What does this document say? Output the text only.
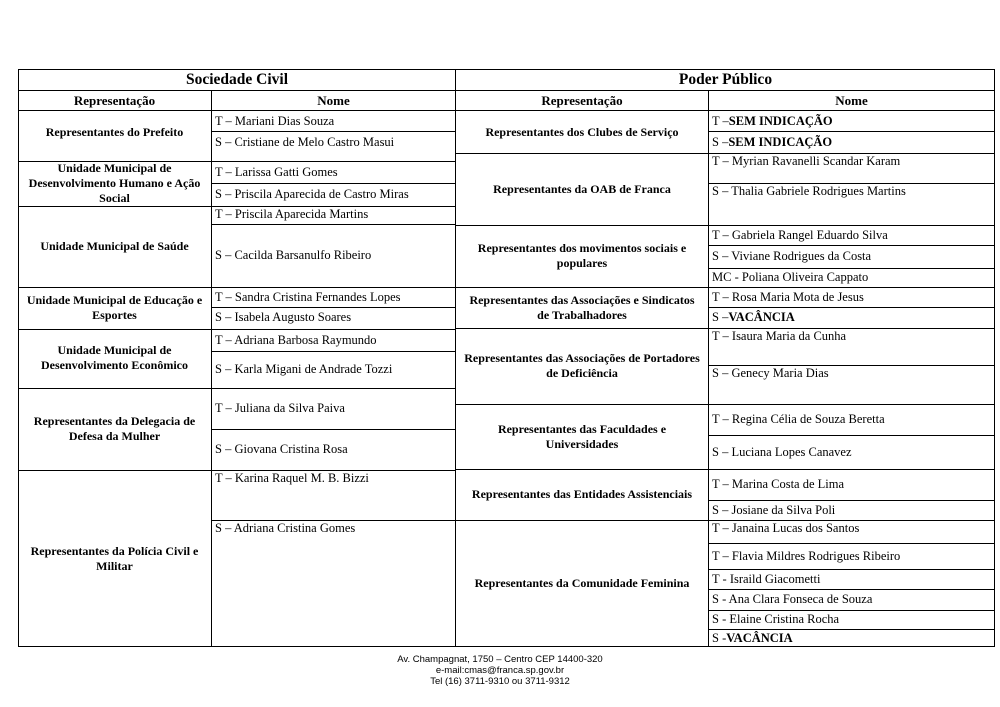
Sociedade Civil
Representação	Nome
Representantes do Prefeito
Unidade Municipal de Desenvolvimento Humano e Ação Social
Unidade Municipal de Saúde
Unidade Municipal de Educação e Esportes
Unidade Municipal de Desenvolvimento Econômico
Representantes da Delegacia de Defesa da Mulher
Representantes da Polícia Civil e Militar
T – Mariani Dias Souza
S – Cristiane de Melo Castro Masui
T – Larissa Gatti Gomes
S – Priscila Aparecida de Castro Miras
T – Priscila Aparecida Martins
S – Cacilda Barsanulfo Ribeiro
T – Sandra Cristina Fernandes Lopes
S – Isabela Augusto Soares
T – Adriana Barbosa Raymundo
S – Karla Migani de Andrade Tozzi
T – Juliana da Silva Paiva
S – Giovana Cristina Rosa
T – Karina Raquel M. B. Bizzi
S – Adriana Cristina Gomes
Poder Público
Representação	Nome
Representantes dos Clubes de Serviço
Representantes da OAB de Franca
Representantes dos movimentos sociais e populares
Representantes das Associações e Sindicatos de Trabalhadores
Representantes das Associações de Portadores de Deficiência
Representantes das Faculdades e Universidades
Representantes das Entidades Assistenciais
Representantes da Comunidade Feminina
T – SEM INDICAÇÃO
S – SEM INDICAÇÃO
T – Myrian Ravanelli Scandar Karam
S – Thalia Gabriele Rodrigues Martins
T – Gabriela Rangel Eduardo Silva
S – Viviane Rodrigues da Costa
MC - Poliana Oliveira Cappato
T – Rosa Maria Mota de Jesus
S – VACÂNCIA
T – Isaura Maria da Cunha
S – Genecy Maria Dias
T – Regina Célia de Souza Beretta
S – Luciana Lopes Canavez
T – Marina Costa de Lima
S – Josiane da Silva Poli
T – Janaina Lucas dos Santos
T – Flavia Mildres Rodrigues Ribeiro
T - Israild Giacometti
S - Ana Clara Fonseca de Souza
S - Elaine Cristina Rocha
S - VACÂNCIA
Av. Champagnat, 1750 – Centro CEP 14400-320
e-mail:cmas@franca.sp.gov.br
Tel (16) 3711-9310 ou 3711-9312
